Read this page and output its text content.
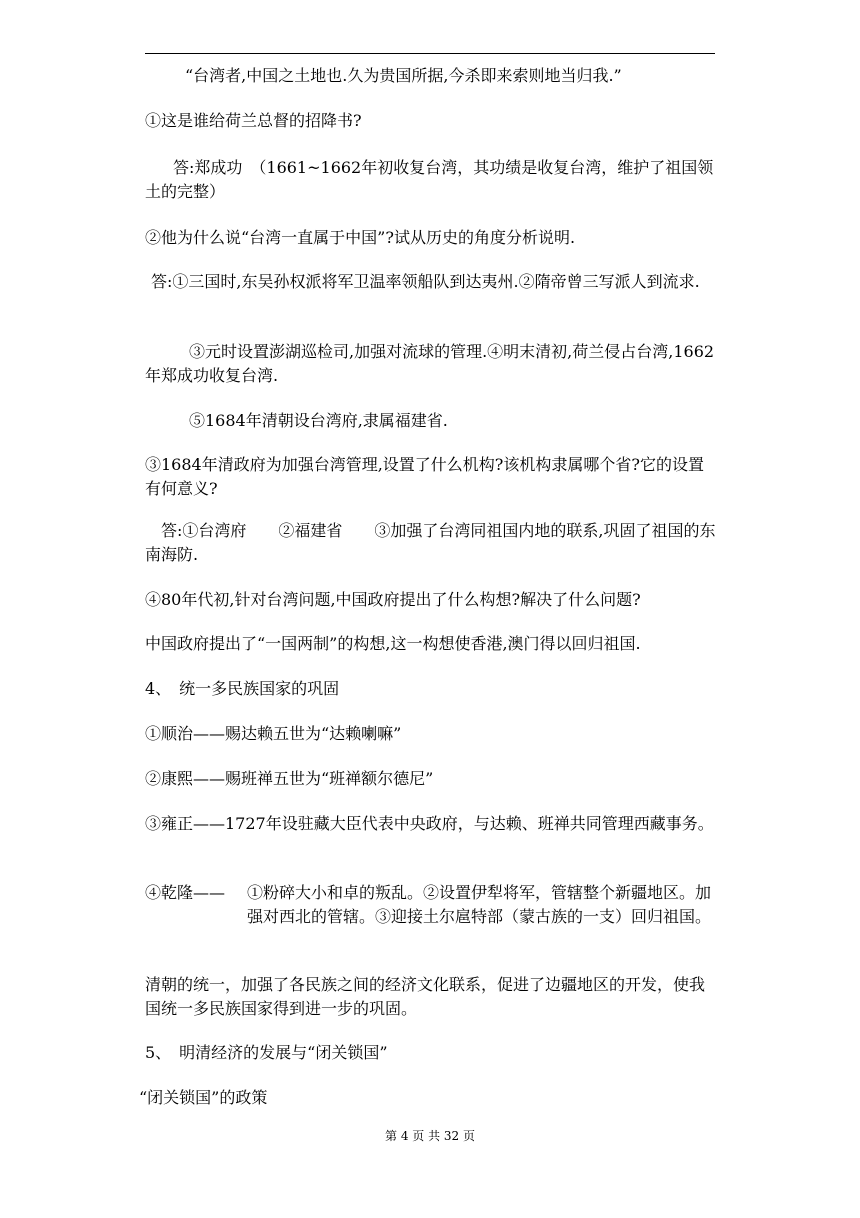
“台湾者,中国之土地也.久为贵国所据,今杀即来索则地当归我.”

①这是谁给荷兰总督的招降书?

答:郑成功　（1661~1662年初收复台湾，其功绩是收复台湾，维护了祖国领土的完整）

②他为什么说“台湾一直属于中国”?试从历史的角度分析说明.

答:①三国时,东吴孙权派将军卫温率领船队到达夷州.②隋帝曾三写派人到流求.

③元时设置澎湖巡检司,加强对流球的管理.④明末清初,荷兰侵占台湾,1662年郑成功收复台湾.

⑤1684年清朝设台湾府,隶属福建省.

③1684年清政府为加强台湾管理,设置了什么机构?该机构隶属哪个省?它的设置有何意义?

答:①台湾府　　②福建省　　③加强了台湾同祖国内地的联系,巩固了祖国的东南海防.

④80年代初,针对台湾问题,中国政府提出了什么构想?解决了什么问题?

中国政府提出了“一国两制”的构想,这一构想使香港,澳门得以回归祖国.

4、　统一多民族国家的巩固

①顺治——赐达赖五世为“达赖喇嘛”

②康熙——赐班禅五世为“班禅额尔德尼”

③雍正——1727年设驻藏大臣代表中央政府，与达赖、班禅共同管理西藏事务。

④乾隆——	①粉碎大小和卓的叛乱。②设置伊犁将军，管辖整个新疆地区。加强对西北的管辖。③迎接土尔扈特部（蒙古族的一支）回归祖国。

清朝的统一，加强了各民族之间的经济文化联系，促进了边疆地区的开发，使我国统一多民族国家得到进一步的巩固。

5、　明清经济的发展与“闭关锁国”

“闭关锁国”的政策

第 4 页 共 32 页
